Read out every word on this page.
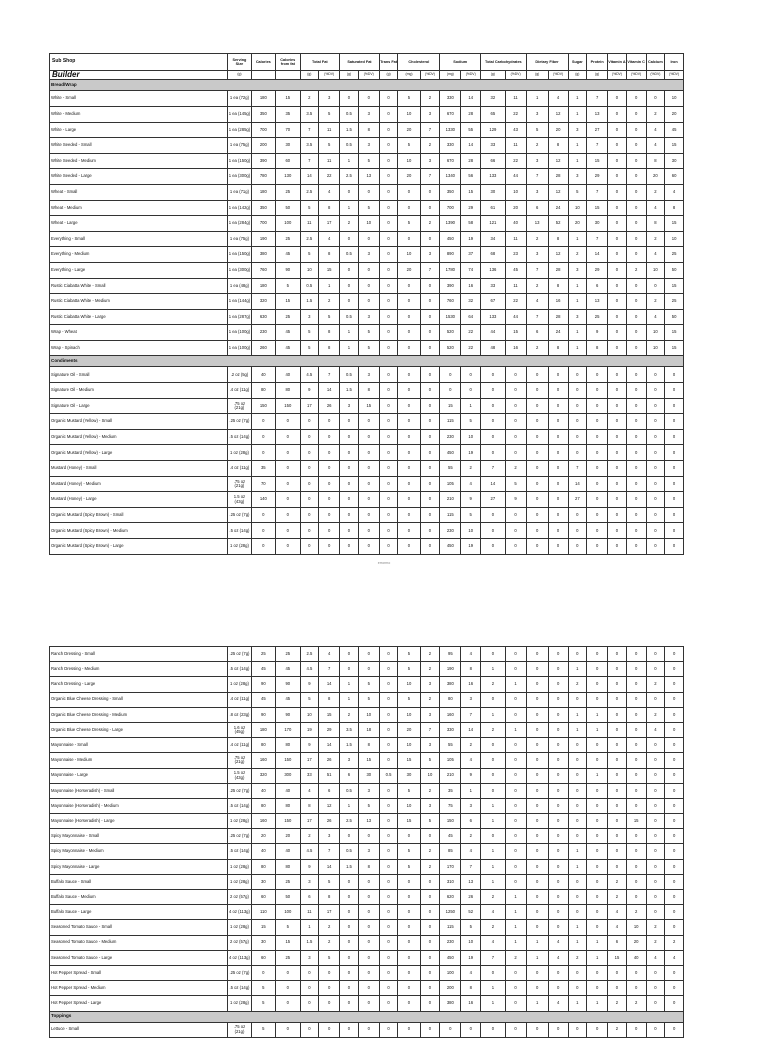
Sub Shop	Serving Size	Calories	Calories from fat	Total Fat		Saturated Fat		Trans Fat	Cholesterol		Sodium		Total Carbohydrates		Dietary Fiber		Sugar	Protein	Vitamin A	Vitamin C	Calcium	Iron
Builder	(g)			(g)	(%DV)	(g)	(%DV)	(g)	(mg)	(%DV)	(mg)	(%DV)	(g)	(%DV)	(g)	(%DV)	(g)	(g)	(%DV)	(%DV)	(%DV)	(%DV)
Bread/Wrap																						
White - Small	1 ea (72g)	180	15	2	3	0	0	0	5	2	330	14	32	11	1	4	1	7	0	0	0	10
White - Medium	1 ea (145g)	350	35	3.5	5	0.5	3	0	10	3	670	28	65	22	3	12	1	13	0	0	2	20
White - Large	1 ea (285g)	700	70	7	11	1.5	8	0	20	7	1330	55	129	43	5	20	3	27	0	0	4	45
White Seeded - Small	1 ea (75g)	200	30	3.5	5	0.5	3	0	5	2	330	14	33	11	2	8	1	7	0	0	4	15
White Seeded - Medium	1 ea (150g)	390	60	7	11	1	5	0	10	3	670	28	66	22	3	12	1	15	0	0	8	30
White Seeded - Large	1 ea (300g)	780	130	14	22	2.5	13	0	20	7	1340	56	133	44	7	28	3	29	0	0	20	60
Wheat - Small	1 ea (71g)	180	25	2.5	4	0	0	0	0	0	350	15	30	10	3	12	5	7	0	0	2	4
Wheat - Medium	1 ea (142g)	350	50	5	8	1	5	0	0	0	700	29	61	20	6	24	10	15	0	0	4	8
Wheat - Large	1 ea (284g)	700	100	11	17	2	10	0	5	2	1390	58	121	40	13	52	20	30	0	0	8	15
Everything - Small	1 ea (75g)	190	25	2.5	4	0	0	0	0	0	450	19	34	11	2	8	1	7	0	0	2	10
Everything - Medium	1 ea (150g)	380	45	5	8	0.5	3	0	10	3	890	37	68	23	3	12	2	14	0	0	4	25
Everything - Large	1 ea (300g)	760	90	10	15	0	0	0	20	7	1780	74	136	45	7	28	3	29	0	2	10	50
Rustic Ciabatta White - Small	1 ea (48g)	180	5	0.5	1	0	0	0	0	0	390	16	33	11	2	8	1	6	0	0	0	15
Rustic Ciabatta White - Medium	1 ea (144g)	320	15	1.5	2	0	0	0	0	0	760	32	67	22	4	16	1	13	0	0	2	25
Rustic Ciabatta White - Large	1 ea (287g)	630	25	3	5	0.5	3	0	0	0	1530	64	133	44	7	28	3	25	0	0	4	50
Wrap - Wheat	1 ea (100g)	230	45	5	8	1	5	0	0	0	520	22	44	15	6	24	1	9	0	0	10	15
Wrap - Spinach	1 ea (100g)	260	45	5	8	1	5	0	0	0	520	22	48	16	2	8	1	8	0	0	10	15
Condiments																						
Signature Oil - Small	.2 oz (5g)	40	40	4.5	7	0.5	3	0	0	0	0	0	0	0	0	0	0	0	0	0	0	0
Signature Oil - Medium	.4 oz (11g)	80	80	9	14	1.5	8	0	0	0	0	0	0	0	0	0	0	0	0	0	0	0
Signature Oil - Large	.75 oz (21g)	150	150	17	26	3	15	0	0	0	15	1	0	0	0	0	0	0	0	0	0	0
Organic Mustard (Yellow) - Small	.25 oz (7g)	0	0	0	0	0	0	0	0	0	115	5	0	0	0	0	0	0	0	0	0	0
Organic Mustard (Yellow) - Medium	.5 oz (14g)	0	0	0	0	0	0	0	0	0	230	10	0	0	0	0	0	0	0	0	0	0
Organic Mustard (Yellow) - Large	1 oz (28g)	0	0	0	0	0	0	0	0	0	450	19	0	0	0	0	0	0	0	0	0	0
Mustard (Honey) - Small	.4 oz (11g)	35	0	0	0	0	0	0	0	0	55	2	7	2	0	0	7	0	0	0	0	0
Mustard (Honey) - Medium	.75 oz (21g)	70	0	0	0	0	0	0	0	0	105	4	14	5	0	0	14	0	0	0	0	0
Mustard (Honey) - Large	1.5 oz (43g)	140	0	0	0	0	0	0	0	0	210	9	27	9	0	0	27	0	0	0	0	0
Organic Mustard (Spicy Brown) - Small	.25 oz (7g)	0	0	0	0	0	0	0	0	0	115	5	0	0	0	0	0	0	0	0	0	0
Organic Mustard (Spicy Brown) - Medium	.5 oz (14g)	0	0	0	0	0	0	0	0	0	230	10	0	0	0	0	0	0	0	0	0	0
Organic Mustard (Spicy Brown) - Large	1 oz (28g)	0	0	0	0	0	0	0	0	0	450	19	0	0	0	0	0	0	0	0	0	0
errormo
Ranch Dressing - Small	.25 oz (7g)	25	25	2.5	4	0	0	0	5	2	95	4	0	0	0	0	0	0	0	0	0	0
Ranch Dressing - Medium	.5 oz (14g)	45	45	4.5	7	0	0	0	5	2	190	8	1	0	0	0	1	0	0	0	0	0
Ranch Dressing - Large	1 oz (28g)	90	90	9	14	1	5	0	10	3	380	16	2	1	0	0	2	0	0	0	2	0
Organic Blue Cheese Dressing - Small	.4 oz (11g)	45	45	5	8	1	5	0	5	2	80	3	0	0	0	0	0	0	0	0	0	0
Organic Blue Cheese Dressing - Medium	.8 oz (23g)	90	90	10	15	2	10	0	10	3	160	7	1	0	0	0	1	1	0	0	2	0
Organic Blue Cheese Dressing - Large	1.6 oz (45g)	180	170	19	29	3.5	18	0	20	7	330	14	2	1	0	0	1	1	0	0	4	0
Mayonnaise - Small	.4 oz (11g)	80	80	9	14	1.5	8	0	10	3	55	2	0	0	0	0	0	0	0	0	0	0
Mayonnaise - Medium	.75 oz (21g)	160	150	17	26	3	15	0	15	5	105	4	0	0	0	0	0	0	0	0	0	0
Mayonnaise - Large	1.5 oz (43g)	320	300	33	51	6	30	0.5	30	10	210	9	0	0	0	0	0	1	0	0	0	0
Mayonnaise (Horseradish) - Small	.25 oz (7g)	40	40	4	6	0.5	3	0	5	2	35	1	0	0	0	0	0	0	0	0	0	0
Mayonnaise (Horseradish) - Medium	.5 oz (14g)	80	80	8	12	1	5	0	10	3	75	3	1	0	0	0	0	0	0	0	0	0
Mayonnaise (Horseradish) - Large	1 oz (28g)	160	150	17	26	2.5	13	0	15	5	150	6	1	0	0	0	0	0	0	15	0	0
Spicy Mayonnaise - Small	.25 oz (7g)	20	20	2	3	0	0	0	0	0	45	2	0	0	0	0	0	0	0	0	0	0
Spicy Mayonnaise - Medium	.5 oz (14g)	40	40	4.5	7	0.5	3	0	5	2	85	4	1	0	0	0	1	0	0	0	0	0
Spicy Mayonnaise - Large	1 oz (28g)	80	80	9	14	1.5	8	0	5	2	170	7	1	0	0	0	1	0	0	0	0	0
Buffalo Sauce - Small	1 oz (28g)	30	25	3	5	0	0	0	0	0	310	13	1	0	0	0	0	0	2	0	0	0
Buffalo Sauce - Medium	2 oz (57g)	60	50	6	8	0	0	0	0	0	620	26	2	1	0	0	0	0	2	0	0	0
Buffalo Sauce - Large	4 oz (113g)	110	100	11	17	0	0	0	0	0	1250	52	4	1	0	0	0	0	4	2	0	0
Seasoned Tomato Sauce - Small	1 oz (28g)	15	5	1	2	0	0	0	0	0	115	5	2	1	0	0	1	0	4	10	2	0
Seasoned Tomato Sauce - Medium	2 oz (57g)	30	15	1.5	2	0	0	0	0	0	230	10	4	1	1	4	1	1	6	20	2	2
Seasoned Tomato Sauce - Large	4 oz (113g)	60	25	3	5	0	0	0	0	0	450	19	7	2	1	4	2	1	15	40	4	4
Hot Pepper Spread - Small	.25 oz (7g)	0	0	0	0	0	0	0	0	0	100	4	0	0	0	0	0	0	0	0	0	0
Hot Pepper Spread - Medium	.5 oz (14g)	5	0	0	0	0	0	0	0	0	200	8	1	0	0	0	0	0	0	0	0	0
Hot Pepper Spread - Large	1 oz (28g)	5	0	0	0	0	0	0	0	0	380	16	1	0	1	4	1	1	2	2	0	0
Toppings																						
Lettuce - Small	.75 oz (21g)	5	0	0	0	0	0	0	0	0	0	0	0	0	0	0	0	0	2	0	0	0
